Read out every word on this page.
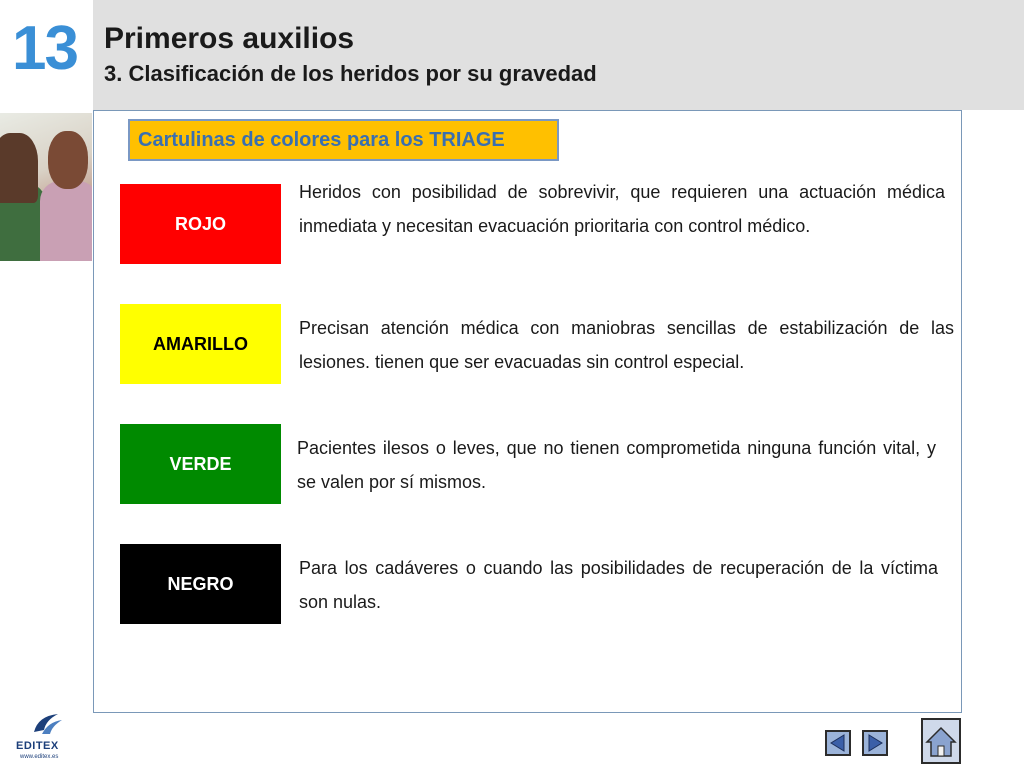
13 Primeros auxilios
3. Clasificación de los heridos por su gravedad
Cartulinas de colores para los TRIAGE
ROJO
Heridos con posibilidad de sobrevivir, que requieren una actuación médica inmediata y necesitan evacuación prioritaria con control médico.
AMARILLO
Precisan atención médica con maniobras sencillas de estabilización de las lesiones. tienen que ser evacuadas sin control especial.
VERDE
Pacientes ilesos o leves, que no tienen comprometida ninguna función vital, y se valen por sí mismos.
NEGRO
Para los cadáveres o cuando las posibilidades de recuperación de la víctima son nulas.
EDITEX
www.editex.es
